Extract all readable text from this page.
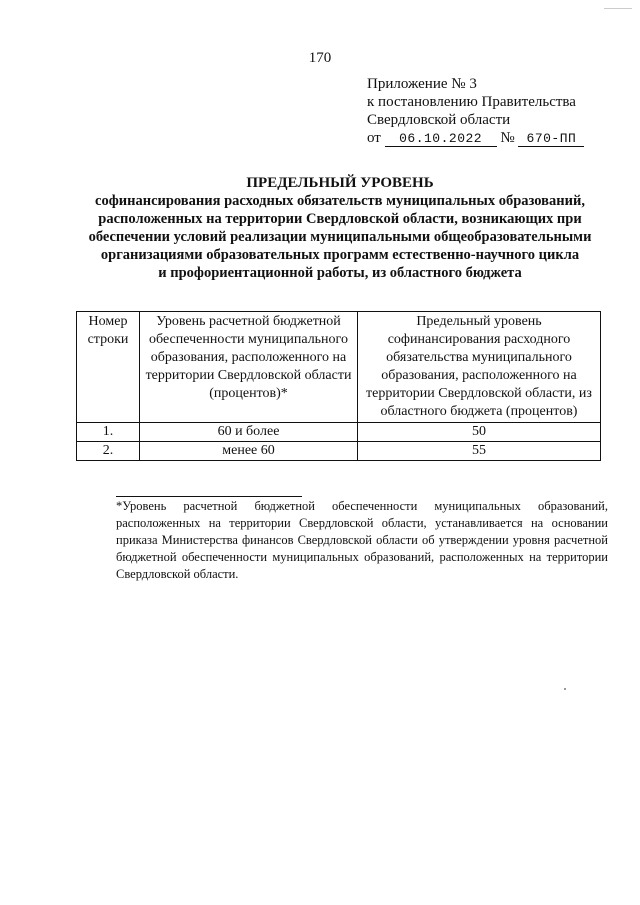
170
Приложение № 3
к постановлению Правительства
Свердловской области
от 06.10.2022 № 670-ПП
ПРЕДЕЛЬНЫЙ УРОВЕНЬ
софинансирования расходных обязательств муниципальных образований,
расположенных на территории Свердловской области, возникающих при
обеспечении условий реализации муниципальными общеобразовательными
организациями образовательных программ естественно-научного цикла
и профориентационной работы, из областного бюджета
Номер строки	Уровень расчетной бюджетной обеспеченности муниципального образования, расположенного на территории Свердловской области (процентов)*	Предельный уровень софинансирования расходного обязательства муниципального образования, расположенного на территории Свердловской области, из областного бюджета (процентов)
1.	60 и более	50
2.	менее 60	55

*Уровень расчетной бюджетной обеспеченности муниципальных образований, расположенных на территории Свердловской области, устанавливается на основании приказа Министерства финансов Свердловской области об утверждении уровня расчетной бюджетной обеспеченности муниципальных образований, расположенных на территории Свердловской области.
